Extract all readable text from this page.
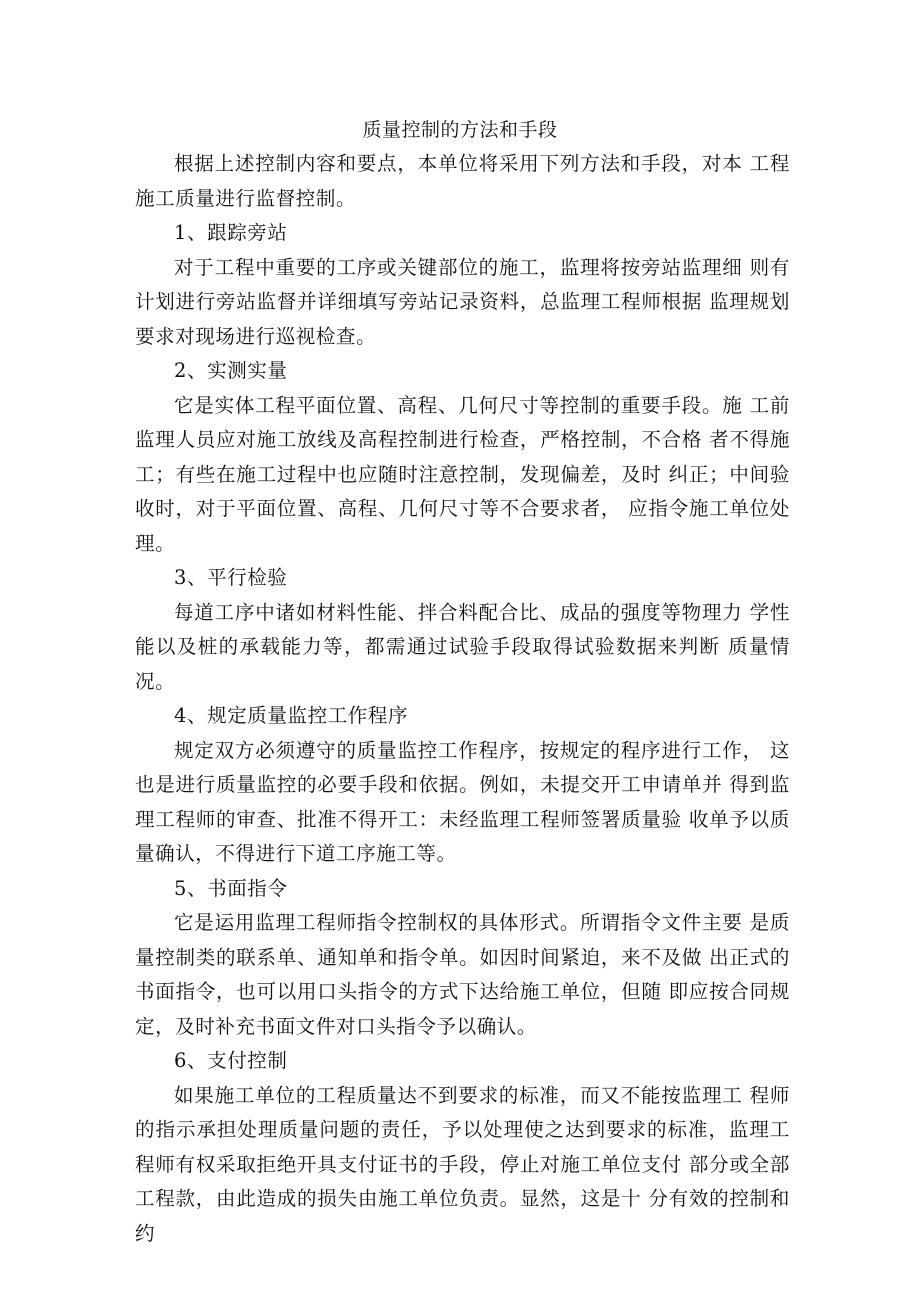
质量控制的方法和手段

根据上述控制内容和要点，本单位将采用下列方法和手段，对本 工程施工质量进行监督控制。

1、跟踪旁站

对于工程中重要的工序或关键部位的施工，监理将按旁站监理细 则有计划进行旁站监督并详细填写旁站记录资料，总监理工程师根据 监理规划要求对现场进行巡视检查。

2、实测实量

它是实体工程平面位置、高程、几何尺寸等控制的重要手段。施 工前监理人员应对施工放线及高程控制进行检查，严格控制，不合格 者不得施工；有些在施工过程中也应随时注意控制，发现偏差，及时 纠正；中间验收时，对于平面位置、高程、几何尺寸等不合要求者， 应指令施工单位处理。

3、平行检验

每道工序中诸如材料性能、拌合料配合比、成品的强度等物理力 学性能以及桩的承载能力等，都需通过试验手段取得试验数据来判断 质量情况。

4、规定质量监控工作程序

规定双方必须遵守的质量监控工作程序，按规定的程序进行工作， 这也是进行质量监控的必要手段和依据。例如，未提交开工申请单并 得到监理工程师的审查、批准不得开工：未经监理工程师签署质量验 收单予以质量确认，不得进行下道工序施工等。

5、书面指令

它是运用监理工程师指令控制权的具体形式。所谓指令文件主要 是质量控制类的联系单、通知单和指令单。如因时间紧迫，来不及做 出正式的书面指令，也可以用口头指令的方式下达给施工单位，但随 即应按合同规定，及时补充书面文件对口头指令予以确认。

6、支付控制

如果施工单位的工程质量达不到要求的标准，而又不能按监理工 程师的指示承担处理质量问题的责任，予以处理使之达到要求的标准，监理工程师有权采取拒绝开具支付证书的手段，停止对施工单位支付 部分或全部工程款，由此造成的损失由施工单位负责。显然，这是十 分有效的控制和约
